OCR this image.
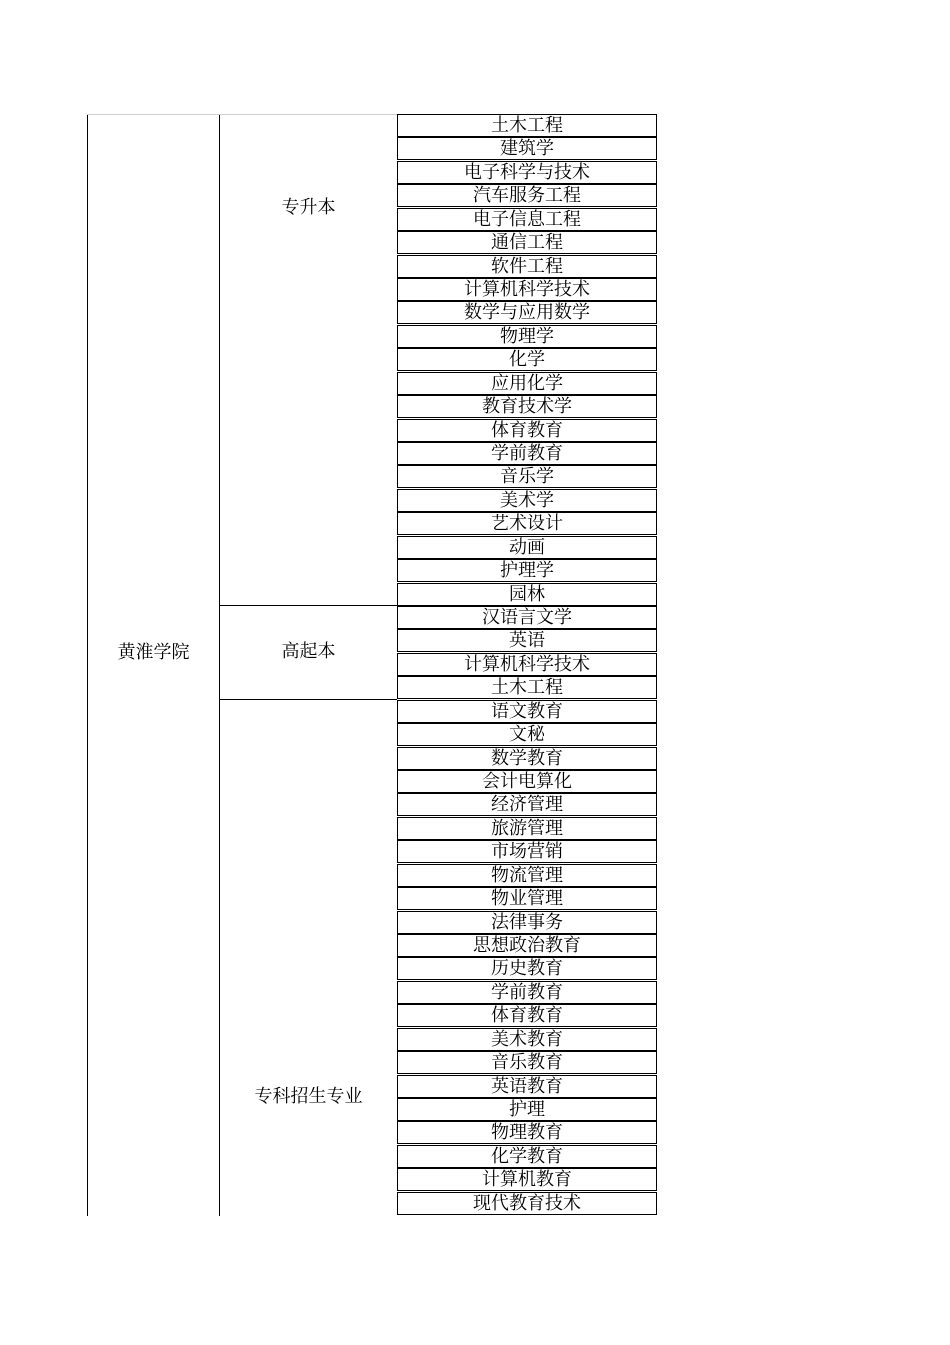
黄淮学院
专升本
高起本
专科招生专业
土木工程
建筑学
电子科学与技术
汽车服务工程
电子信息工程
通信工程
软件工程
计算机科学技术
数学与应用数学
物理学
化学
应用化学
教育技术学
体育教育
学前教育
音乐学
美术学
艺术设计
动画
护理学
园林
汉语言文学
英语
计算机科学技术
土木工程
语文教育
文秘
数学教育
会计电算化
经济管理
旅游管理
市场营销
物流管理
物业管理
法律事务
思想政治教育
历史教育
学前教育
体育教育
美术教育
音乐教育
英语教育
护理
物理教育
化学教育
计算机教育
现代教育技术
